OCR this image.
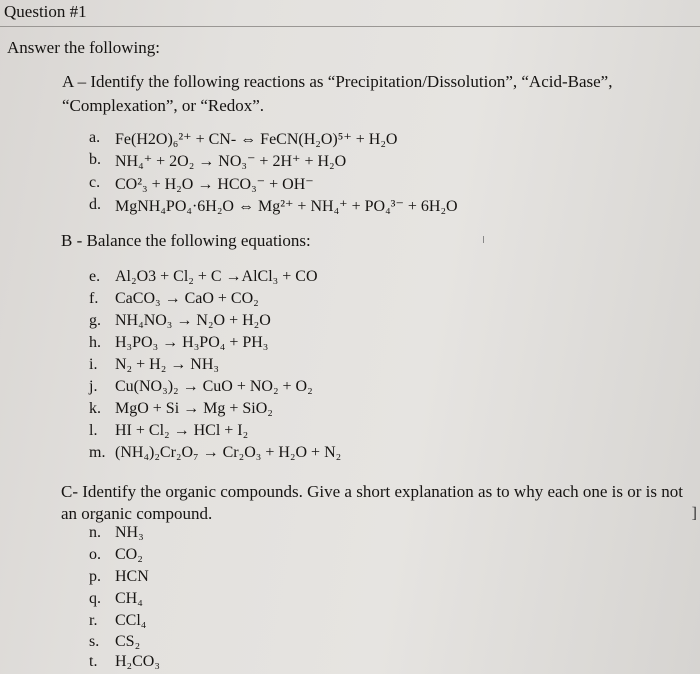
Question #1
Answer the following:
A – Identify the following reactions as “Precipitation/Dissolution”, “Acid-Base”, “Complexation”, or “Redox”.
a. Fe(H2O)₆²⁺ + CN- ⇔ FeCN(H₂O)⁵⁺ + H₂O
b. NH₄⁺ + 2O₂ → NO₃⁻ + 2H⁺ + H₂O
c. CO²₃ + H₂O → HCO₃⁻ + OH⁻
d. MgNH₄PO₄·6H₂O ⇔ Mg²⁺ + NH₄⁺ + PO₄³⁻ + 6H₂O
B - Balance the following equations:
e. Al₂O3 + Cl₂ + C →AlCl₃ + CO
f. CaCO₃ → CaO + CO₂
g. NH₄NO₃ → N₂O + H₂O
h. H₃PO₃ → H₃PO₄ + PH₃
i. N₂ + H₂ → NH₃
j. Cu(NO₃)₂ → CuO + NO₂ + O₂
k. MgO + Si → Mg + SiO₂
l. HI + Cl₂ → HCl + I₂
m. (NH₄)₂Cr₂O₇ → Cr₂O₃ + H₂O + N₂
C- Identify the organic compounds. Give a short explanation as to why each one is or is not an organic compound.	]
n. NH₃
o. CO₂
p. HCN
q. CH₄
r. CCl₄
s. CS₂
t. H₂CO₃
